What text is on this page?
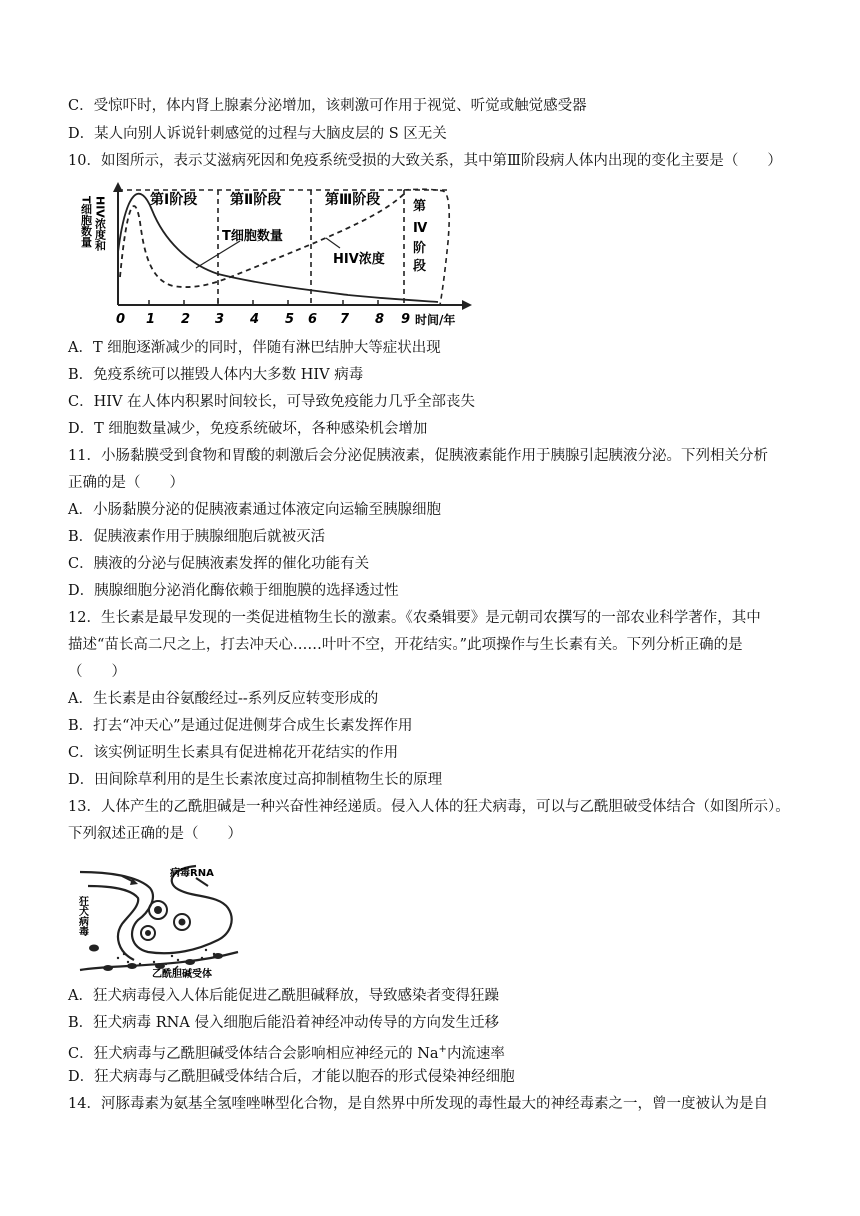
C．受惊吓时，体内肾上腺素分泌增加，该刺激可作用于视觉、听觉或触觉感受器
D．某人向别人诉说针刺感觉的过程与大脑皮层的 S 区无关
10．如图所示，表示艾滋病死因和免疫系统受损的大致关系，其中第Ⅲ阶段病人体内出现的变化主要是（　　）
第Ⅰ阶段 第Ⅱ阶段	第Ⅲ阶段	第
Ⅳ
阶
段
HIV浓度和
T细胞数量	T细胞数量
HIV浓度
0 1 2 3 4 5 6 7 8 9 时间/年
A．T 细胞逐渐减少的同时，伴随有淋巴结肿大等症状出现
B．免疫系统可以摧毁人体内大多数 HIV 病毒
C．HIV 在人体内积累时间较长，可导致免疫能力几乎全部丧失
D．T 细胞数量减少，免疫系统破坏，各种感染机会增加
11．小肠黏膜受到食物和胃酸的刺激后会分泌促胰液素，促胰液素能作用于胰腺引起胰液分泌。下列相关分析
正确的是（　　）
A．小肠黏膜分泌的促胰液素通过体液定向运输至胰腺细胞
B．促胰液素作用于胰腺细胞后就被灭活
C．胰液的分泌与促胰液素发挥的催化功能有关
D．胰腺细胞分泌消化酶依赖于细胞膜的选择透过性
12．生长素是最早发现的一类促进植物生长的激素。《农桑辑要》是元朝司农撰写的一部农业科学著作，其中
描述“苗长高二尺之上，打去冲天心……叶叶不空，开花结实。”此项操作与生长素有关。下列分析正确的是
（　　）
A．生长素是由谷氨酸经过--系列反应转变形成的
B．打去“冲天心”是通过促进侧芽合成生长素发挥作用
C．该实例证明生长素具有促进棉花开花结实的作用
D．田间除草利用的是生长素浓度过高抑制植物生长的原理
13．人体产生的乙酰胆碱是一种兴奋性神经递质。侵入人体的狂犬病毒，可以与乙酰胆破受体结合（如图所示）。
下列叙述正确的是（　　）
病毒RNA
狂犬病毒
乙酰胆碱受体
A．狂犬病毒侵入人体后能促进乙酰胆碱释放，导致感染者变得狂躁
B．狂犬病毒 RNA 侵入细胞后能沿着神经冲动传导的方向发生迁移
C．狂犬病毒与乙酰胆碱受体结合会影响相应神经元的 Na+内流速率
D．狂犬病毒与乙酰胆碱受体结合后，才能以胞吞的形式侵染神经细胞
14．河豚毒素为氨基全氢喹唑啉型化合物，是自然界中所发现的毒性最大的神经毒素之一，曾一度被认为是自
